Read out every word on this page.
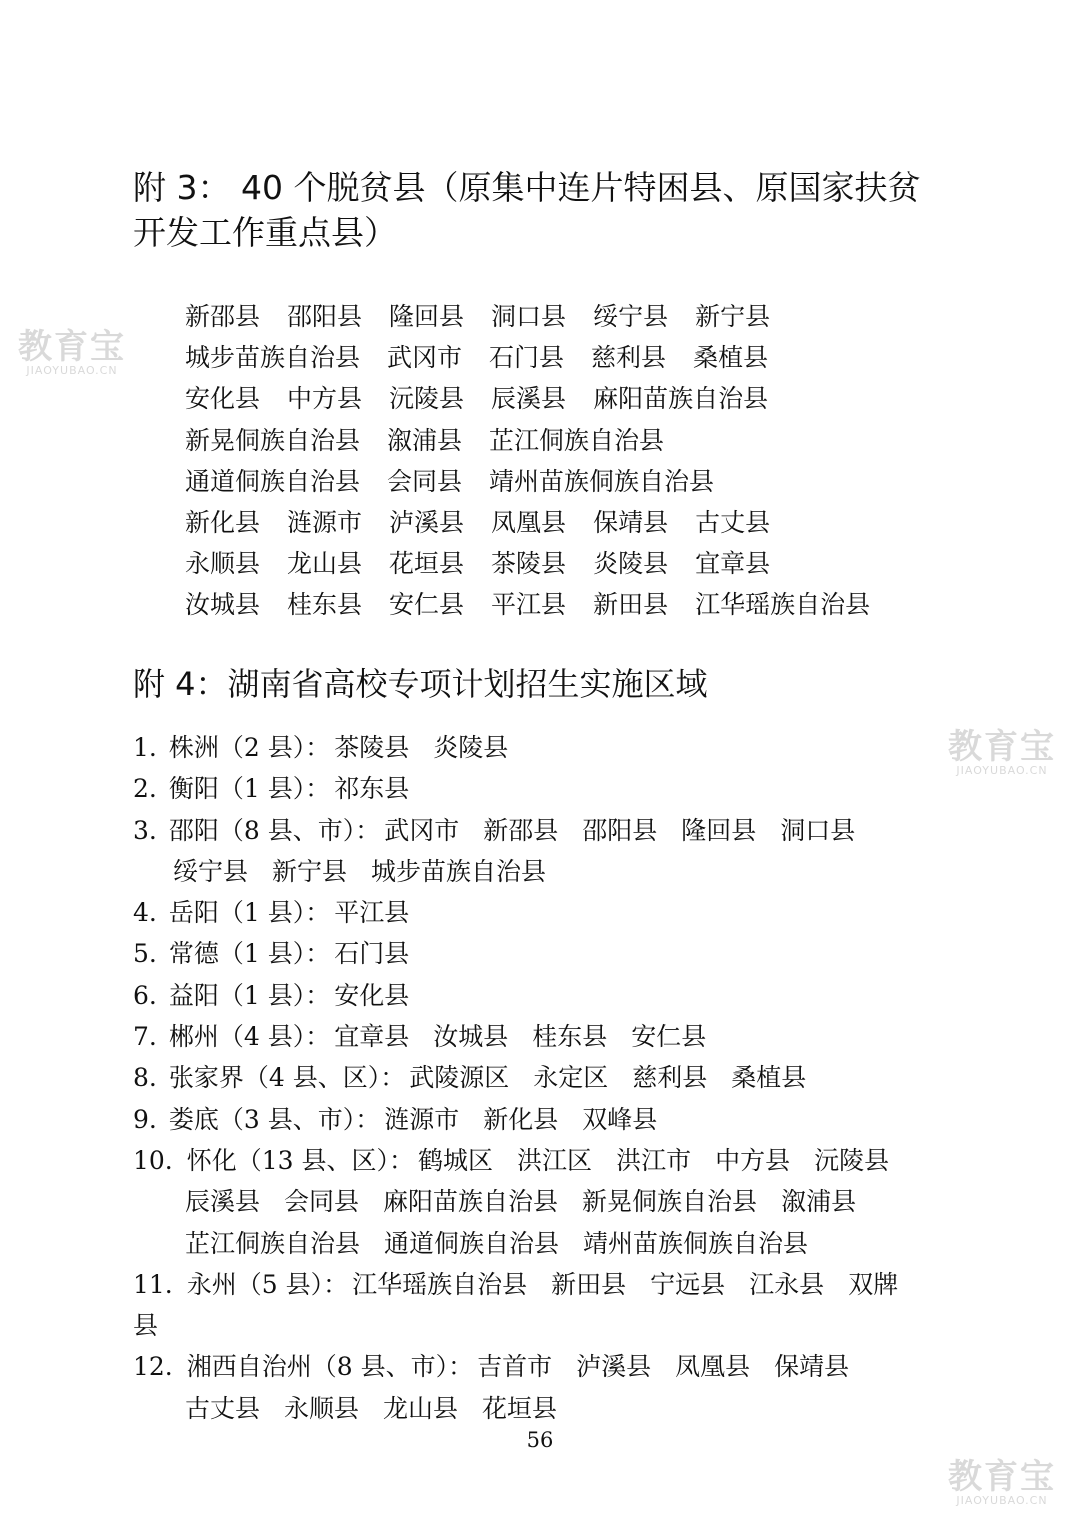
教育宝
JIAOYUBAO.CN
教育宝
JIAOYUBAO.CN
教育宝
JIAOYUBAO.CN
附 3： 40 个脱贫县（原集中连片特困县、原国家扶贫开发工作重点县）
新邵县 邵阳县 隆回县 洞口县 绥宁县 新宁县
城步苗族自治县 武冈市 石门县 慈利县 桑植县
安化县 中方县 沅陵县 辰溪县 麻阳苗族自治县
新晃侗族自治县 溆浦县 芷江侗族自治县
通道侗族自治县 会同县 靖州苗族侗族自治县
新化县 涟源市 泸溪县 凤凰县 保靖县 古丈县
永顺县 龙山县 花垣县 茶陵县 炎陵县 宜章县
汝城县 桂东县 安仁县 平江县 新田县 江华瑶族自治县
附 4：湖南省高校专项计划招生实施区域
1. 株洲（2 县）： 茶陵县 炎陵县
2. 衡阳（1 县）： 祁东县
3. 邵阳（8 县、市）： 武冈市 新邵县 邵阳县 隆回县 洞口县
绥宁县 新宁县 城步苗族自治县
4. 岳阳（1 县）： 平江县
5. 常德（1 县）： 石门县
6. 益阳（1 县）： 安化县
7. 郴州（4 县）： 宜章县 汝城县 桂东县 安仁县
8. 张家界（4 县、区）： 武陵源区 永定区 慈利县 桑植县
9. 娄底（3 县、市）： 涟源市 新化县 双峰县
10. 怀化（13 县、区）： 鹤城区 洪江区 洪江市 中方县 沅陵县
辰溪县 会同县 麻阳苗族自治县 新晃侗族自治县 溆浦县
芷江侗族自治县 通道侗族自治县 靖州苗族侗族自治县
11. 永州（5 县）： 江华瑶族自治县 新田县 宁远县 江永县 双牌
县
12. 湘西自治州（8 县、市）： 吉首市 泸溪县 凤凰县 保靖县
古丈县 永顺县 龙山县 花垣县
56
